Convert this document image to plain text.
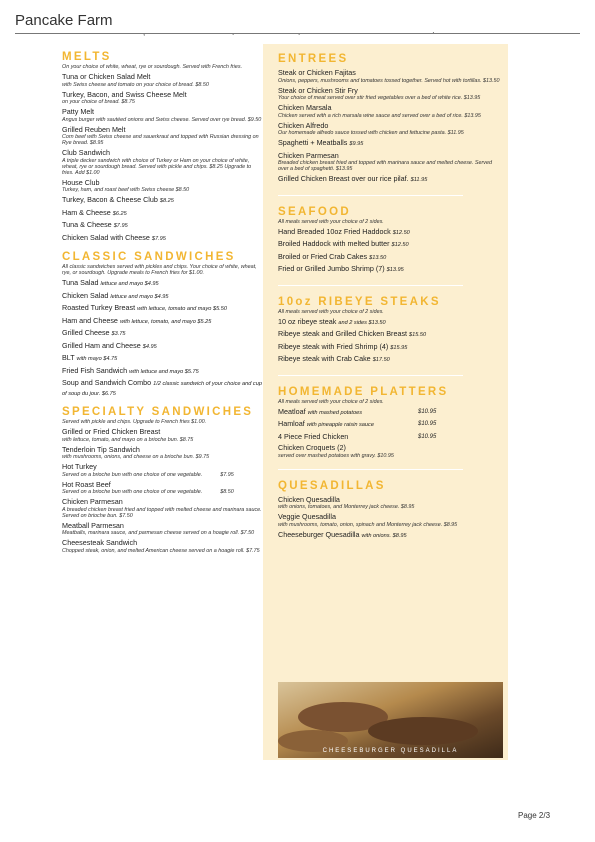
Pancake Farm
MELTS
On your choice of white, wheat, rye or sourdough. Served with French fries.
Tuna or Chicken Salad Melt
with Swiss cheese and tomato on your choice of bread. $8.50
Turkey, Bacon, and Swiss Cheese Melt
on your choice of bread. $8.75
Patty Melt
Angus burger with sautéed onions and Swiss cheese. Served over rye bread. $9.50
Grilled Reuben Melt
Corn beef with Swiss cheese and sauerkraut and topped with Russian dressing on Rye bread. $8.95
Club Sandwich
A triple decker sandwich with choice of Turkey or Ham on your choice of white, wheat, rye or sourdough bread. Served with pickle and chips. $8.25 Upgrade to fries. Add $1.00
House Club
Turkey, ham, and roast beef with Swiss cheese $8.50
Turkey, Bacon & Cheese Club $8.25
Ham & Cheese $6.25
Tuna & Cheese $7.95
Chicken Salad with Cheese $7.95
CLASSIC SANDWICHES
All classic sandwiches served with pickles and chips. Your choice of white, wheat, rye, or sourdough. Upgrade meals to French fries for $1.00.
Tuna Salad lettuce and mayo $4.95
Chicken Salad lettuce and mayo $4.95
Roasted Turkey Breast with lettuce, tomato and mayo $5.50
Ham and Cheese with lettuce, tomato, and mayo $5.25
Grilled Cheese $3.75
Grilled Ham and Cheese $4.95
BLT with mayo $4.75
Fried Fish Sandwich with lettuce and mayo $5.75
Soup and Sandwich Combo 1/2 classic sandwich of your choice and cup of soup du jour. $6.75
SPECIALTY SANDWICHES
Served with pickle and chips. Upgrade to French fries $1.00.
Grilled or Fried Chicken Breast
with lettuce, tomato, and mayo on a brioche bun. $8.75
Tenderloin Tip Sandwich
with mushrooms, onions, and cheese on a brioche bun. $9.75
Hot Turkey
Served on a brioche bun with one choice of one vegetable.	$7.95
Hot Roast Beef
Served on a brioche bun with one choice of one vegetable.	$8.50
Chicken Parmesan
A breaded chicken breast fried and topped with melted cheese and marinara sauce. Served on brioche bun. $7.50
Meatball Parmesan
Meatballs, marinara sauce, and parmesan cheese served on a hoagie roll. $7.50
Cheesesteak Sandwich
Chopped steak, onion, and melted American cheese served on a hoagie roll. $7.75
ENTREES
Steak or Chicken Fajitas
Onions, peppers, mushrooms and tomatoes tossed together. Served hot with tortillas. $13.50
Steak or Chicken Stir Fry
Your choice of meat served over stir fried vegetables over a bed of white rice. $13.95
Chicken Marsala
Chicken served with a rich marsala wine sauce and served over a bed of rice. $13.95
Chicken Alfredo
Our homemade alfredo sauce tossed with chicken and fettucine pasta. $11.95
Spaghetti + Meatballs $9.95
Chicken Parmesan
Breaded chicken breast fried and topped with marinara sauce and melted cheese. Served over a bed of spaghetti. $13.95
Grilled Chicken Breast over our rice pilaf. $11.95
SEAFOOD
All meals served with your choice of 2 sides.
Hand Breaded 10oz Fried Haddock $12.50
Broiled Haddock with melted butter $12.50
Broiled or Fried Crab Cakes $13.50
Fried or Grilled Jumbo Shrimp (7) $13.95
10oz RIBEYE STEAKS
All meals served with your choice of 2 sides.
10 oz ribeye steak and 2 sides $13.50
Ribeye steak and Grilled Chicken Breast $15.50
Ribeye steak with Fried Shrimp (4) $15.95
Ribeye steak with Crab Cake $17.50
HOMEMADE PLATTERS
All meals served with your choice of 2 sides.
Meatloaf with mashed potatoes	$10.95
Hamloaf with pineapple raisin sauce	$10.95
4 Piece Fried Chicken	$10.95
Chicken Croquets (2)
served over mashed potatoes with gravy. $10.95
QUESADILLAS
Chicken Quesadilla
with onions, tomatoes, and Monterrey jack cheese. $8.95
Veggie Quesadilla
with mushrooms, tomato, onion, spinach and Monterrey jack cheese. $8.95
Cheeseburger Quesadilla with onions. $8.95
CHEESEBURGER QUESADILLA
Page 2/3
